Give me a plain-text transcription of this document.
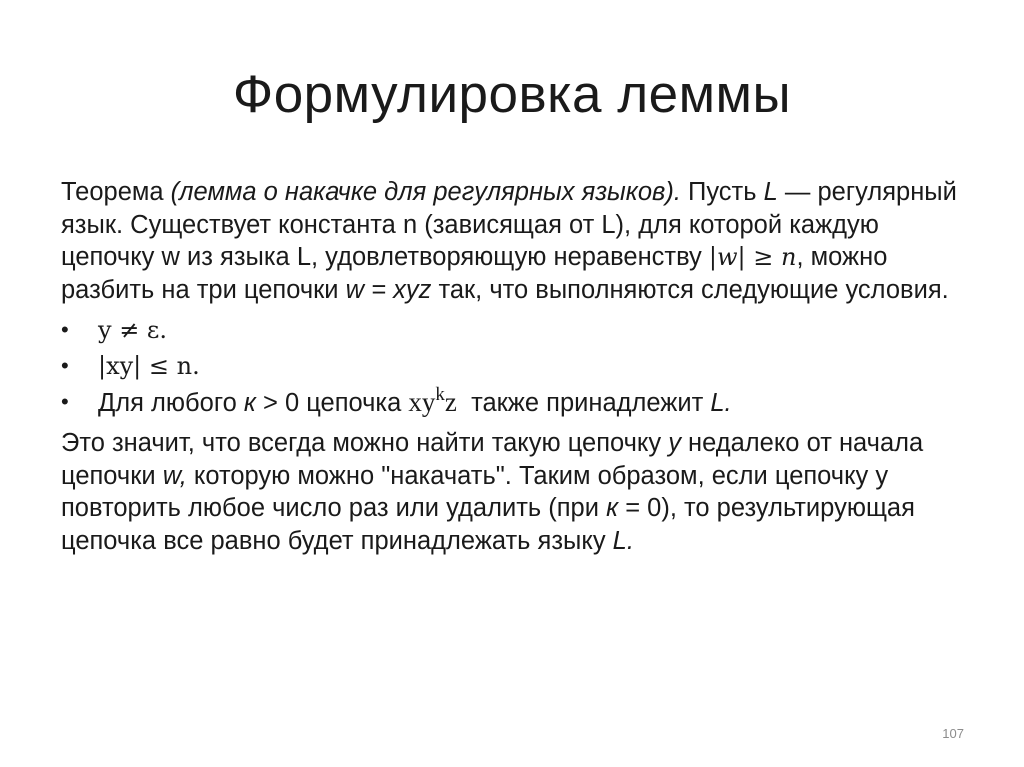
Формулировка леммы

Теорема (лемма о накачке для регулярных языков). Пусть L — регулярный язык. Существует константа n (зависящая от L), для которой каждую цепочку w из языка L, удовлетворяющую неравенству |w| ≥ n, можно разбить на три цепочки w = xyz так, что выполняются следующие условия.

• y ≠ ε.
• |xy| ≤ n.
• Для любого к > 0 цепочка $xy^kz$  также принадлежит L.

Это значит, что всегда можно найти такую цепочку у недалеко от начала цепочки w, которую можно "накачать". Таким образом, если цепочку у повторить любое число раз или удалить (при к = 0), то результирующая цепочка все равно будет принадлежать языку L.

107
